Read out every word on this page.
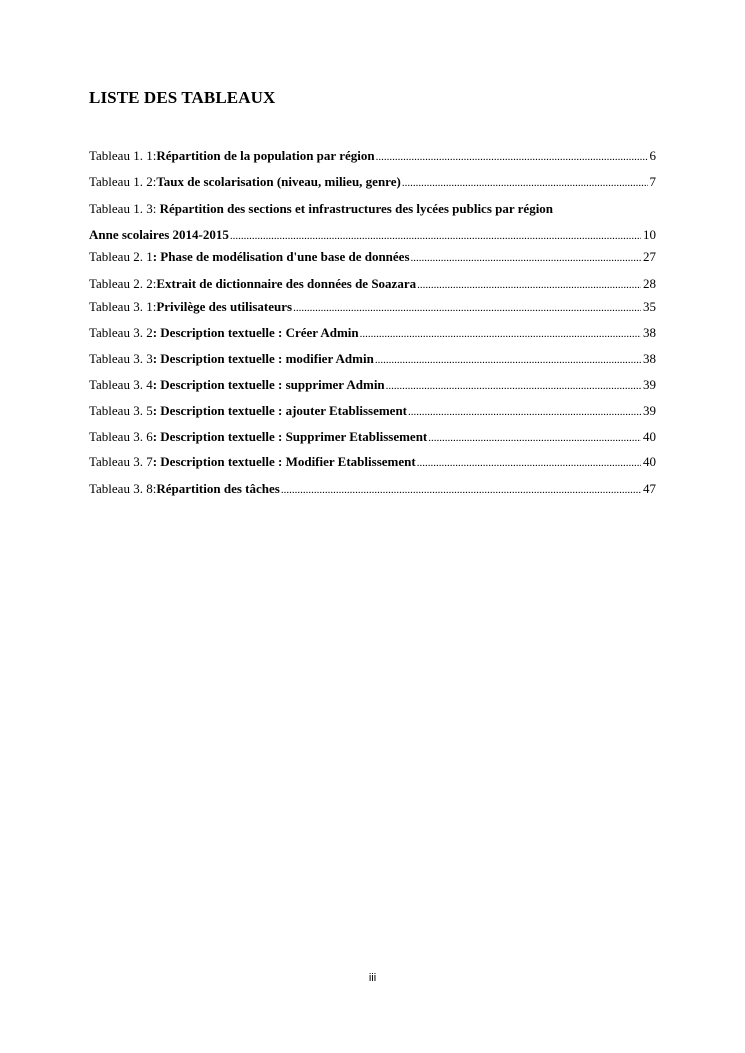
LISTE DES TABLEAUX
Tableau 1. 1: Répartition de la population par région .....	6
Tableau 1. 2: Taux de scolarisation (niveau, milieu, genre) .....	7
Tableau 1. 3: Répartition des sections et infrastructures des lycées publics par région
Anne scolaires 2014-2015 .....	10
Tableau 2. 1 : Phase de modélisation d'une base de données .....	27
Tableau 2. 2: Extrait de dictionnaire des données de Soazara .....	28
Tableau 3. 1: Privilège des utilisateurs .....	35
Tableau 3. 2 : Description textuelle : Créer Admin .....	38
Tableau 3. 3 : Description textuelle : modifier Admin .....	38
Tableau 3. 4 : Description textuelle : supprimer Admin .....	39
Tableau 3. 5 : Description textuelle : ajouter Etablissement .....	39
Tableau 3. 6 : Description textuelle : Supprimer Etablissement .....	40
Tableau 3. 7 : Description textuelle : Modifier Etablissement .....	40
Tableau 3. 8: Répartition des tâches .....	47
iii
